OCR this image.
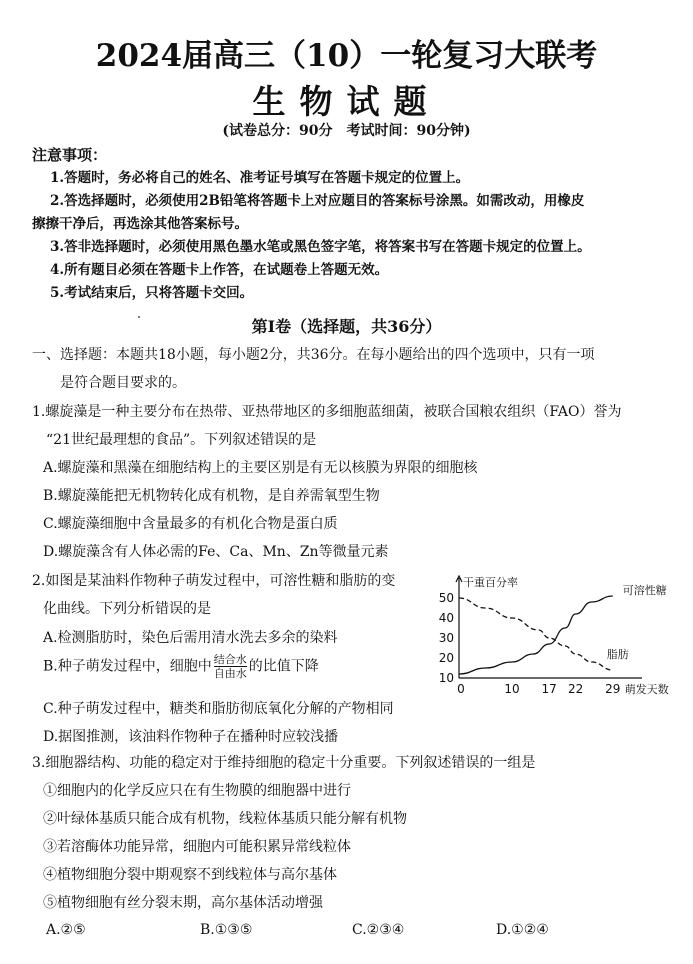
2024届高三（10）一轮复习大联考
生物试题
(试卷总分：90分　考试时间：90分钟)
注意事项：
1.答题时，务必将自己的姓名、准考证号填写在答题卡规定的位置上。
2.答选择题时，必须使用2B铅笔将答题卡上对应题目的答案标号涂黑。如需改动，用橡皮
擦擦干净后，再选涂其他答案标号。
3.答非选择题时，必须使用黑色墨水笔或黑色签字笔，将答案书写在答题卡规定的位置上。
4.所有题目必须在答题卡上作答，在试题卷上答题无效。
5.考试结束后，只将答题卡交回。
第Ⅰ卷（选择题，共36分）
一、选择题：本题共18小题，每小题2分，共36分。在每小题给出的四个选项中，只有一项
是符合题目要求的。
1.螺旋藻是一种主要分布在热带、亚热带地区的多细胞蓝细菌，被联合国粮农组织（FAO）誉为
“21世纪最理想的食品”。下列叙述错误的是
A.螺旋藻和黑藻在细胞结构上的主要区别是有无以核膜为界限的细胞核
B.螺旋藻能把无机物转化成有机物，是自养需氧型生物
C.螺旋藻细胞中含量最多的有机化合物是蛋白质
D.螺旋藻含有人体必需的Fe、Ca、Mn、Zn等微量元素
2.如图是某油料作物种子萌发过程中，可溶性糖和脂肪的变
化曲线。下列分析错误的是
A.检测脂肪时，染色后需用清水洗去多余的染料
B.种子萌发过程中，细胞中 $\frac{\text{结合水}}{\text{自由水}}$ 的比值下降
C.种子萌发过程中，糖类和脂肪彻底氧化分解的产物相同
D.据图推测，该油料作物种子在播种时应较浅播
干重百分率
10
20
30
40
50
0	10 17 22 29 萌发天数
可溶性糖
脂肪
3.细胞器结构、功能的稳定对于维持细胞的稳定十分重要。下列叙述错误的一组是
①细胞内的化学反应只在有生物膜的细胞器中进行
②叶绿体基质只能合成有机物，线粒体基质只能分解有机物
③若溶酶体功能异常，细胞内可能积累异常线粒体
④植物细胞分裂中期观察不到线粒体与高尔基体
⑤植物细胞有丝分裂末期，高尔基体活动增强
A.②⑤	B.①③⑤	C.②③④	D.①②④
